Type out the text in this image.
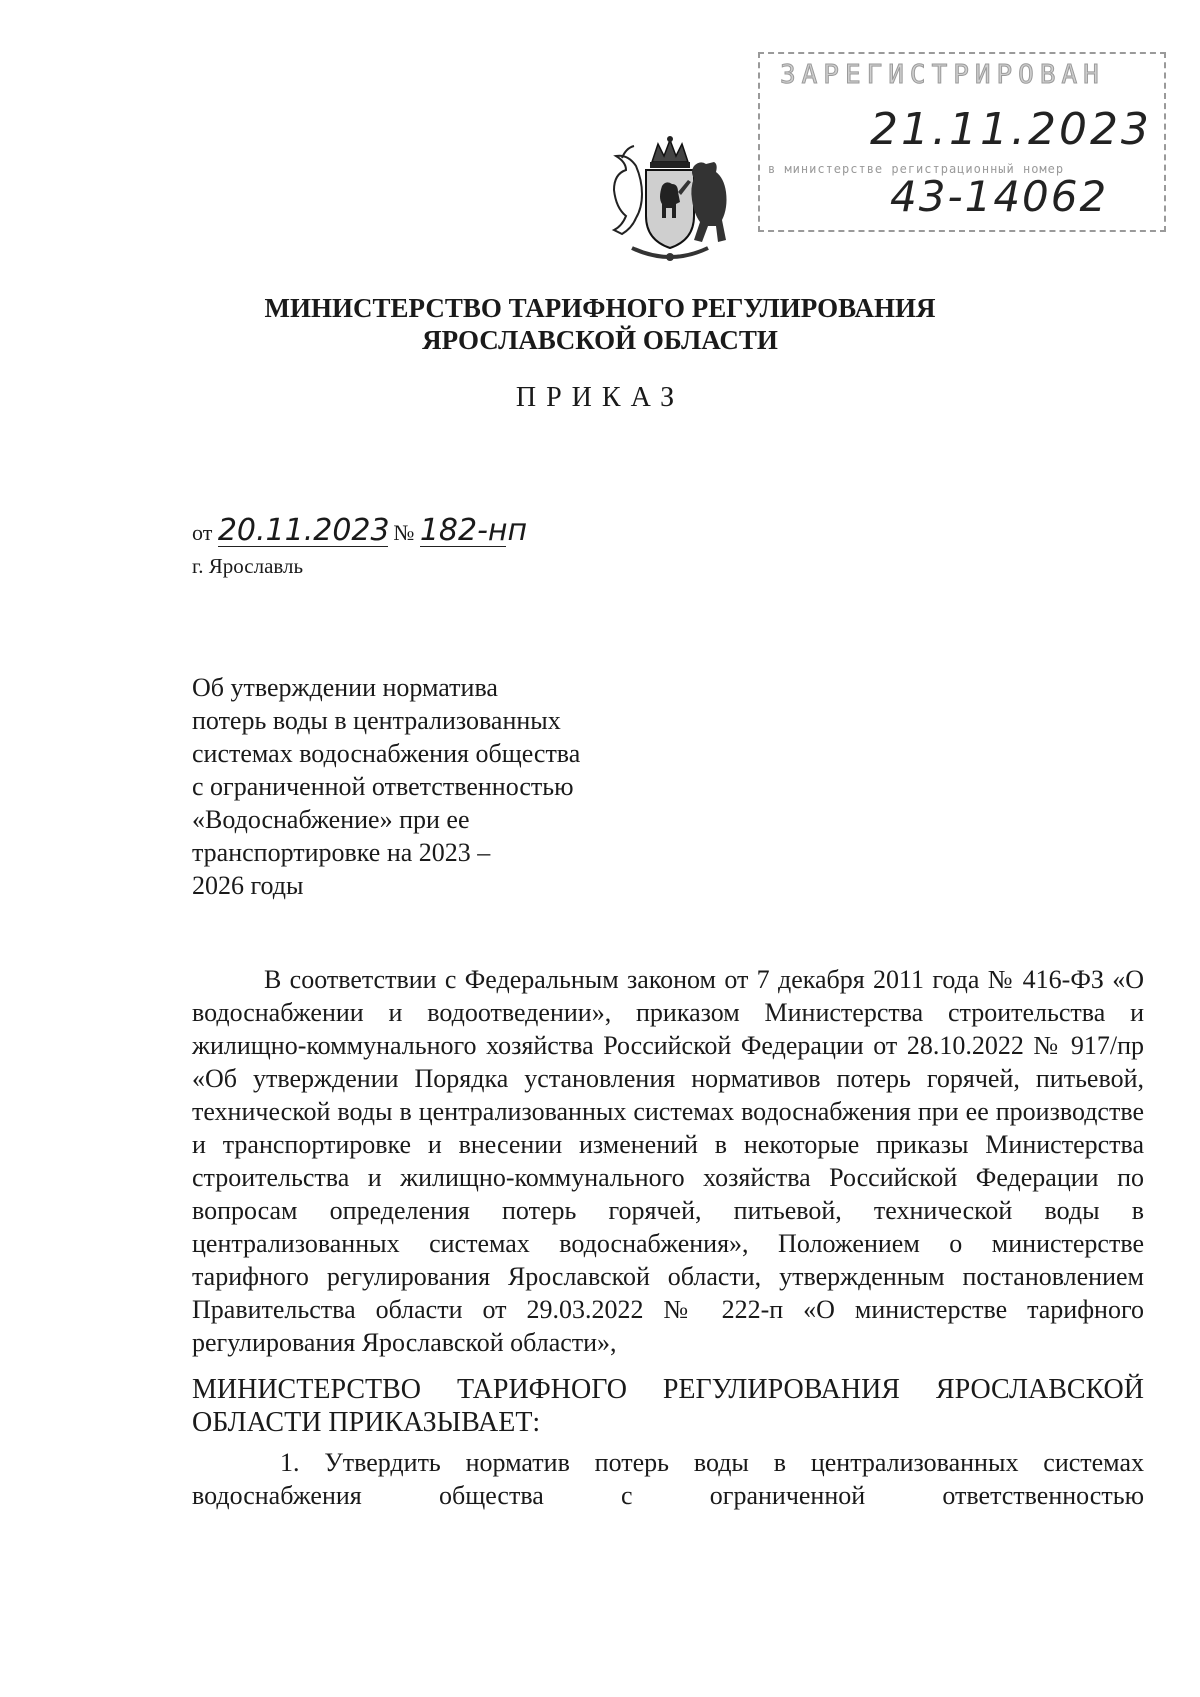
ЗАРЕГИСТРИРОВАН
21.11.2023
в министерстве регистрационный номер
43-14062
МИНИСТЕРСТВО ТАРИФНОГО РЕГУЛИРОВАНИЯ
ЯРОСЛАВСКОЙ ОБЛАСТИ
ПРИКАЗ
от 20.11.2023 № 182-нп
г. Ярославль
Об утверждении норматива
потерь воды в централизованных
системах водоснабжения общества
с ограниченной ответственностью
«Водоснабжение» при ее
транспортировке на 2023 –
2026 годы
В соответствии с Федеральным законом от 7 декабря 2011 года № 416-ФЗ «О водоснабжении и водоотведении», приказом Министерства строительства и жилищно-коммунального хозяйства Российской Федерации от 28.10.2022 № 917/пр «Об утверждении Порядка установления нормативов потерь горячей, питьевой, технической воды в централизованных системах водоснабжения при ее производстве и транспортировке и внесении изменений в некоторые приказы Министерства строительства и жилищно-коммунального хозяйства Российской Федерации по вопросам определения потерь горячей, питьевой, технической воды в централизованных системах водоснабжения», Положением о министерстве тарифного регулирования Ярославской области, утвержденным постановлением Правительства области от 29.03.2022 № 222-п «О министерстве тарифного регулирования Ярославской области»,
МИНИСТЕРСТВО ТАРИФНОГО РЕГУЛИРОВАНИЯ ЯРОСЛАВСКОЙ
ОБЛАСТИ ПРИКАЗЫВАЕТ:
1. Утвердить норматив потерь воды в централизованных системах водоснабжения общества с ограниченной ответственностью
